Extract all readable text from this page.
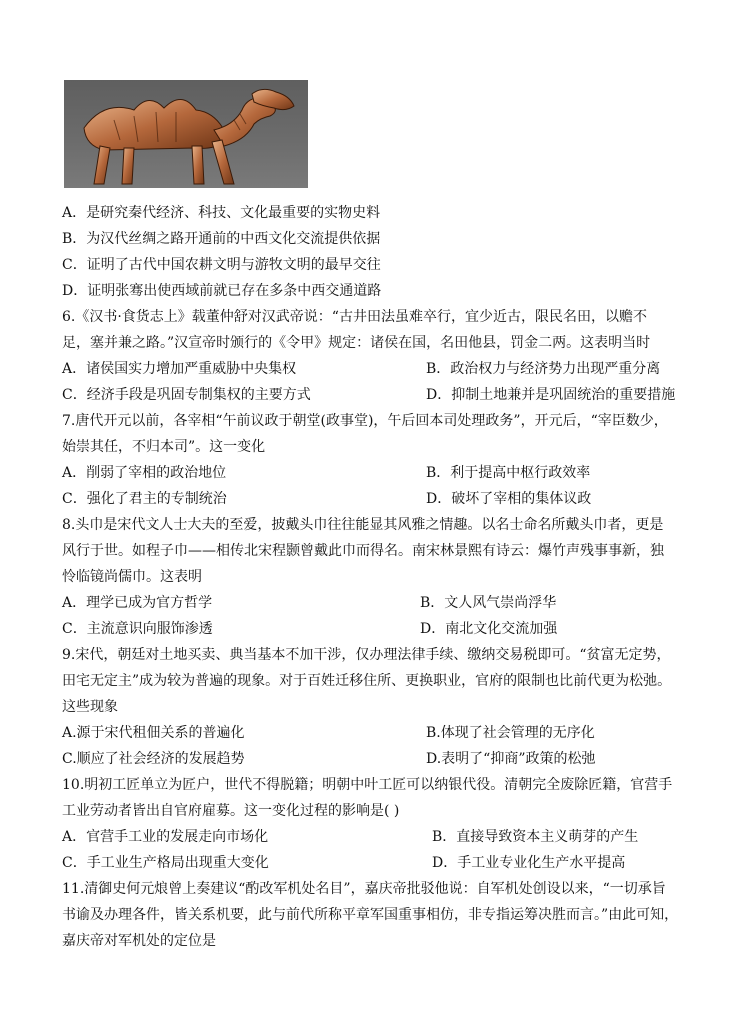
A．是研究秦代经济、科技、文化最重要的实物史料
B．为汉代丝绸之路开通前的中西文化交流提供依据
C．证明了古代中国农耕文明与游牧文明的最早交往
D．证明张骞出使西域前就已存在多条中西交通道路
6.《汉书·食货志上》载董仲舒对汉武帝说：“古井田法虽难卒行，宜少近古，限民名田，以赡不
足，塞并兼之路。”汉宣帝时颁行的《令甲》规定：诸侯在国，名田他县，罚金二两。这表明当时
A．诸侯国实力增加严重威胁中央集权	B．政治权力与经济势力出现严重分离
C．经济手段是巩固专制集权的主要方式	D．抑制土地兼并是巩固统治的重要措施
7.唐代开元以前，各宰相“午前议政于朝堂(政事堂)，午后回本司处理政务”，开元后，“宰臣数少，
始崇其任，不归本司”。这一变化
A．削弱了宰相的政治地位	B．利于提高中枢行政效率
C．强化了君主的专制统治	D．破坏了宰相的集体议政
8.头巾是宋代文人士大夫的至爱，披戴头巾往往能显其风雅之情趣。以名士命名所戴头巾者，更是
风行于世。如程子巾——相传北宋程颢曾戴此巾而得名。南宋林景熙有诗云：爆竹声残事事新，独
怜临镜尚儒巾。这表明
A．理学已成为官方哲学	B．文人风气崇尚浮华
C．主流意识向服饰渗透	D．南北文化交流加强
9.宋代，朝廷对土地买卖、典当基本不加干涉，仅办理法律手续、缴纳交易税即可。“贫富无定势，
田宅无定主”成为较为普遍的现象。对于百姓迁移住所、更换职业，官府的限制也比前代更为松弛。
这些现象
A.源于宋代租佃关系的普遍化	B.体现了社会管理的无序化
C.顺应了社会经济的发展趋势	D.表明了“抑商”政策的松弛
10.明初工匠单立为匠户，世代不得脱籍；明朝中叶工匠可以纳银代役。清朝完全废除匠籍，官营手
工业劳动者皆出自官府雇募。这一变化过程的影响是( )
A．官营手工业的发展走向市场化	B．直接导致资本主义萌芽的产生
C．手工业生产格局出现重大变化	D．手工业专业化生产水平提高
11.清御史何元烺曾上奏建议“酌改军机处名目”，嘉庆帝批驳他说：自军机处创设以来，“一切承旨
书谕及办理各件，皆关系机要，此与前代所称平章军国重事相仿，非专指运筹决胜而言。”由此可知，
嘉庆帝对军机处的定位是
